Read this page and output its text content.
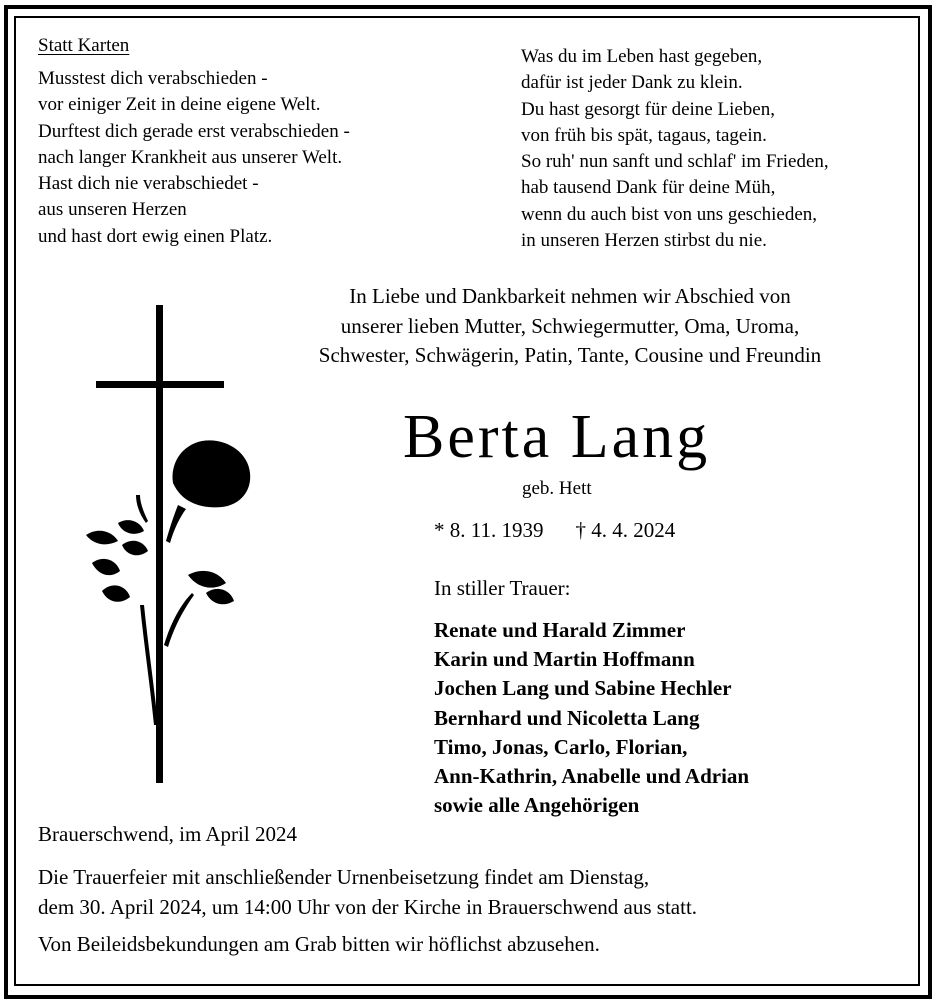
Statt Karten
Musstest dich verabschieden -
vor einiger Zeit in deine eigene Welt.
Durftest dich gerade erst verabschieden -
nach langer Krankheit aus unserer Welt.
Hast dich nie verabschiedet -
aus unseren Herzen
und hast dort ewig einen Platz.
Was du im Leben hast gegeben,
dafür ist jeder Dank zu klein.
Du hast gesorgt für deine Lieben,
von früh bis spät, tagaus, tagein.
So ruh' nun sanft und schlaf' im Frieden,
hab tausend Dank für deine Müh,
wenn du auch bist von uns geschieden,
in unseren Herzen stirbst du nie.
In Liebe und Dankbarkeit nehmen wir Abschied von
unserer lieben Mutter, Schwiegermutter, Oma, Uroma,
Schwester, Schwägerin, Patin, Tante, Cousine und Freundin
Berta Lang
geb. Hett
* 8. 11. 1939 † 4. 4. 2024
In stiller Trauer:
Renate und Harald Zimmer
Karin und Martin Hoffmann
Jochen Lang und Sabine Hechler
Bernhard und Nicoletta Lang
Timo, Jonas, Carlo, Florian,
Ann-Kathrin, Anabelle und Adrian
sowie alle Angehörigen
Brauerschwend, im April 2024
Die Trauerfeier mit anschließender Urnenbeisetzung findet am Dienstag,
dem 30. April 2024, um 14:00 Uhr von der Kirche in Brauerschwend aus statt.
Von Beileidsbekundungen am Grab bitten wir höflichst abzusehen.
